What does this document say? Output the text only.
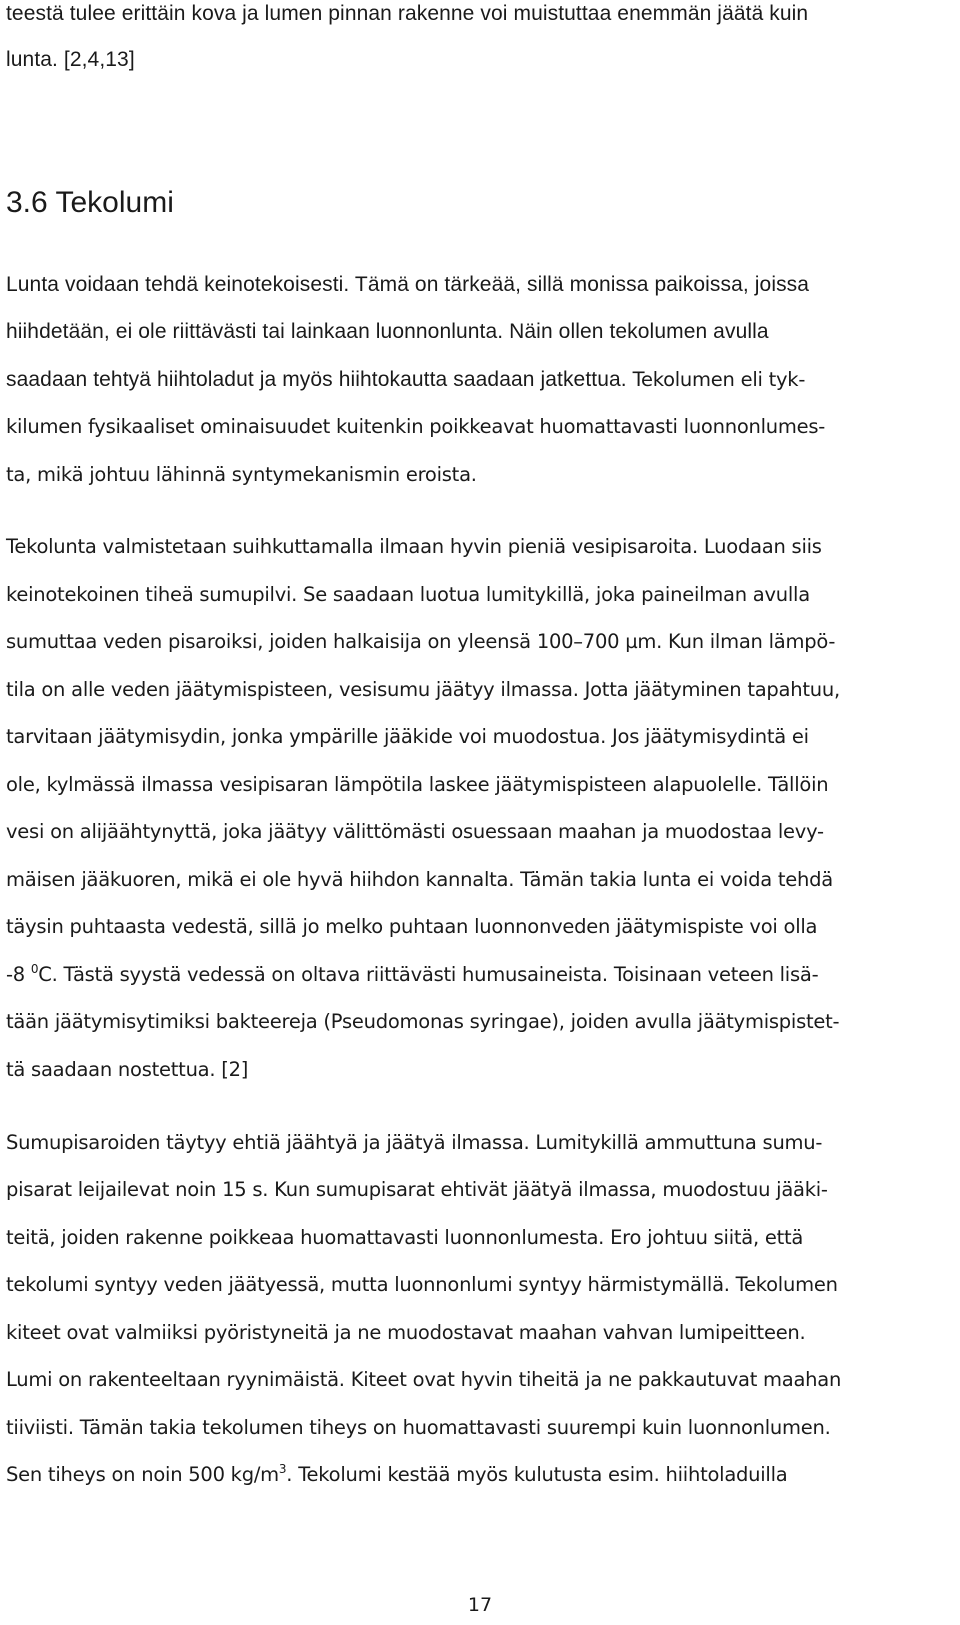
teestä tulee erittäin kova ja lumen pinnan rakenne voi muistuttaa enemmän jäätä kuin
lunta. [2,4,13]
3.6 Tekolumi
Lunta voidaan tehdä keinotekoisesti. Tämä on tärkeää, sillä monissa paikoissa, joissa
hiihdetään, ei ole riittävästi tai lainkaan luonnonlunta. Näin ollen tekolumen avulla
saadaan tehtyä hiihtoladut ja myös hiihtokautta saadaan jatkettua. Tekolumen eli tyk-
kilumen fysikaaliset ominaisuudet kuitenkin poikkeavat huomattavasti luonnonlumes-
ta, mikä johtuu lähinnä syntymekanismin eroista.
Tekolunta valmistetaan suihkuttamalla ilmaan hyvin pieniä vesipisaroita. Luodaan siis
keinotekoinen tiheä sumupilvi. Se saadaan luotua lumitykillä, joka paineilman avulla
sumuttaa veden pisaroiksi, joiden halkaisija on yleensä 100–700 µm. Kun ilman lämpö-
tila on alle veden jäätymispisteen, vesisumu jäätyy ilmassa. Jotta jäätyminen tapahtuu,
tarvitaan jäätymisydin, jonka ympärille jääkide voi muodostua. Jos jäätymisydintä ei
ole, kylmässä ilmassa vesipisaran lämpötila laskee jäätymispisteen alapuolelle. Tällöin
vesi on alijäähtynyttä, joka jäätyy välittömästi osuessaan maahan ja muodostaa levy-
mäisen jääkuoren, mikä ei ole hyvä hiihdon kannalta. Tämän takia lunta ei voida tehdä
täysin puhtaasta vedestä, sillä jo melko puhtaan luonnonveden jäätymispiste voi olla
-8 $^0$C. Tästä syystä vedessä on oltava riittävästi humusaineista. Toisinaan veteen lisä-
tään jäätymisytimiksi bakteereja (Pseudomonas syringae), joiden avulla jäätymispistet-
tä saadaan nostettua. [2]
Sumupisaroiden täytyy ehtiä jäähtyä ja jäätyä ilmassa. Lumitykillä ammuttuna sumu-
pisarat leijailevat noin 15 s. Kun sumupisarat ehtivät jäätyä ilmassa, muodostuu jääki-
teitä, joiden rakenne poikkeaa huomattavasti luonnonlumesta. Ero johtuu siitä, että
tekolumi syntyy veden jäätyessä, mutta luonnonlumi syntyy härmistymällä. Tekolumen
kiteet ovat valmiiksi pyöristyneitä ja ne muodostavat maahan vahvan lumipeitteen.
Lumi on rakenteeltaan ryynimäistä. Kiteet ovat hyvin tiheitä ja ne pakkautuvat maahan
tiiviisti. Tämän takia tekolumen tiheys on huomattavasti suurempi kuin luonnonlumen.
Sen tiheys on noin 500 $kg/m^3$. Tekolumi kestää myös kulutusta esim. hiihtoladuilla
17
